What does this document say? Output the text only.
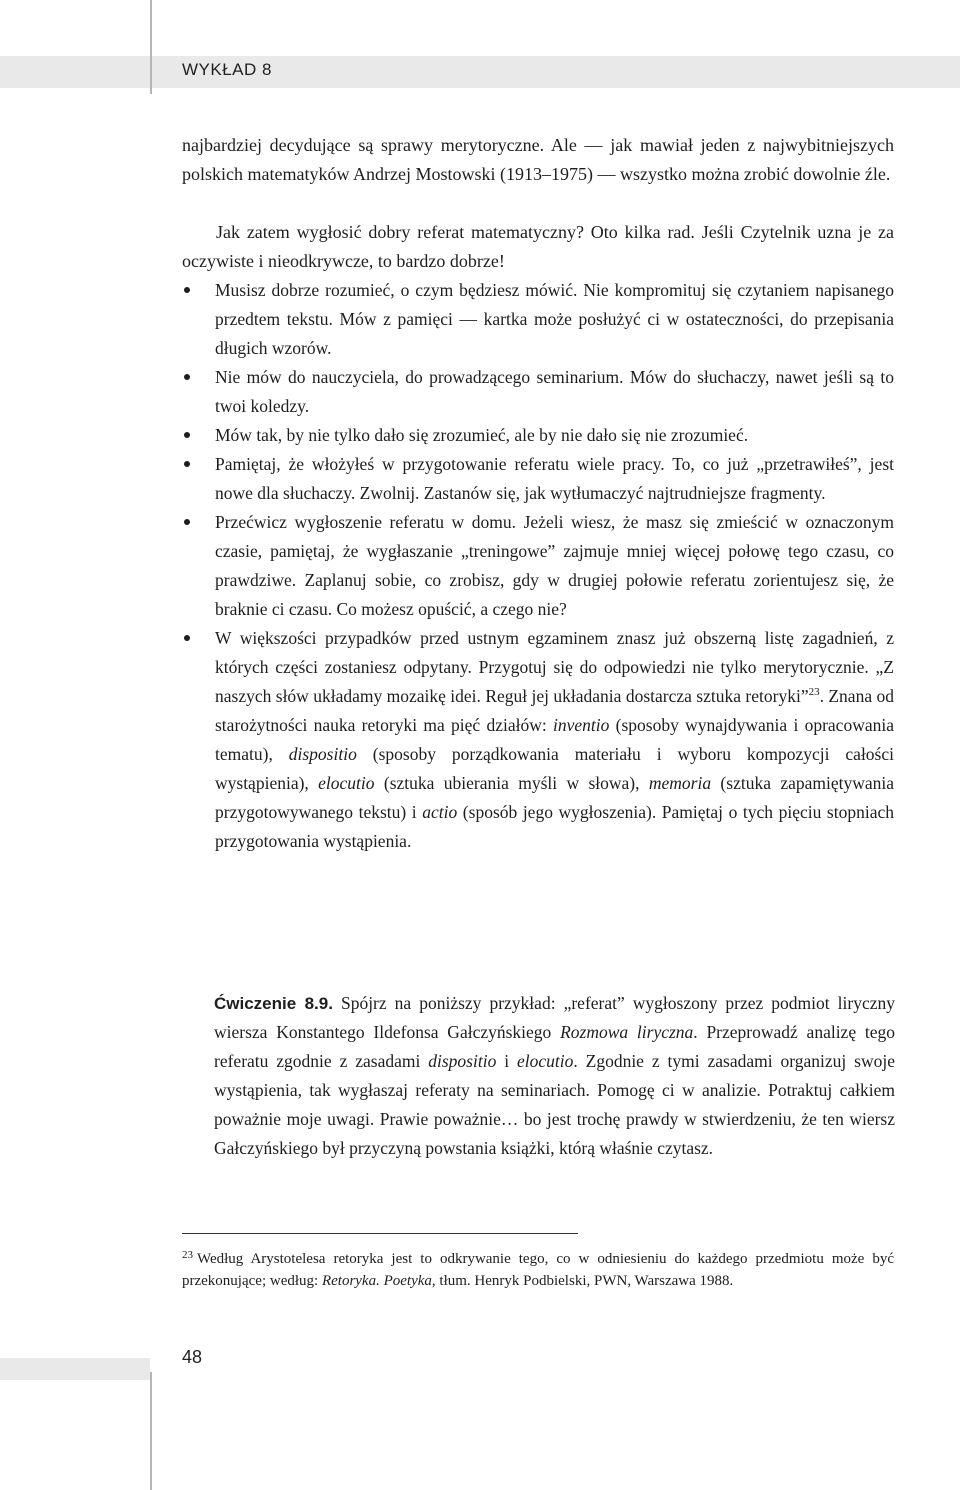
WYKŁAD 8

najbardziej decydujące są sprawy merytoryczne. Ale — jak mawiał jeden z najwybitniejszych polskich matematyków Andrzej Mostowski (1913–1975) — wszystko można zrobić dowolnie źle.

Jak zatem wygłosić dobry referat matematyczny? Oto kilka rad. Jeśli Czytelnik uzna je za oczywiste i nieodkrywcze, to bardzo dobrze!

Musisz dobrze rozumieć, o czym będziesz mówić. Nie kompromituj się czytaniem napisanego przedtem tekstu. Mów z pamięci — kartka może posłużyć ci w ostateczności, do przepisania długich wzorów.
Nie mów do nauczyciela, do prowadzącego seminarium. Mów do słuchaczy, nawet jeśli są to twoi koledzy.
Mów tak, by nie tylko dało się zrozumieć, ale by nie dało się nie zrozumieć.
Pamiętaj, że włożyłeś w przygotowanie referatu wiele pracy. To, co już „przetrawiłeś”, jest nowe dla słuchaczy. Zwolnij. Zastanów się, jak wytłumaczyć najtrudniejsze fragmenty.
Przećwicz wygłoszenie referatu w domu. Jeżeli wiesz, że masz się zmieścić w oznaczonym czasie, pamiętaj, że wygłaszanie „treningowe” zajmuje mniej więcej połowę tego czasu, co prawdziwe. Zaplanuj sobie, co zrobisz, gdy w drugiej połowie referatu zorientujesz się, że braknie ci czasu. Co możesz opuścić, a czego nie?
W większości przypadków przed ustnym egzaminem znasz już obszerną listę zagadnień, z których części zostaniesz odpytany. Przygotuj się do odpowiedzi nie tylko merytorycznie. „Z naszych słów układamy mozaikę idei. Reguł jej układania dostarcza sztuka retoryki”$^{23}$. Znana od starożytności nauka retoryki ma pięć działów: inventio (sposoby wynajdywania i opracowania tematu), dispositio (sposoby porządkowania materiału i wyboru kompozycji całości wystąpienia), elocutio (sztuka ubierania myśli w słowa), memoria (sztuka zapamiętywania przygotowywanego tekstu) i actio (sposób jego wygłoszenia). Pamiętaj o tych pięciu stopniach przygotowania wystąpienia.

Ćwiczenie 8.9. Spójrz na poniższy przykład: „referat” wygłoszony przez podmiot liryczny wiersza Konstantego Ildefonsa Gałczyńskiego Rozmowa liryczna. Przeprowadź analizę tego referatu zgodnie z zasadami dispositio i elocutio. Zgodnie z tymi zasadami organizuj swoje wystąpienia, tak wygłaszaj referaty na seminariach. Pomogę ci w analizie. Potraktuj całkiem poważnie moje uwagi. Prawie poważnie… bo jest trochę prawdy w stwierdzeniu, że ten wiersz Gałczyńskiego był przyczyną powstania książki, którą właśnie czytasz.

$^{23}$ Według Arystotelesa retoryka jest to odkrywanie tego, co w odniesieniu do każdego przedmiotu może być przekonujące; według: Retoryka. Poetyka, tłum. Henryk Podbielski, PWN, Warszawa 1988.

48
